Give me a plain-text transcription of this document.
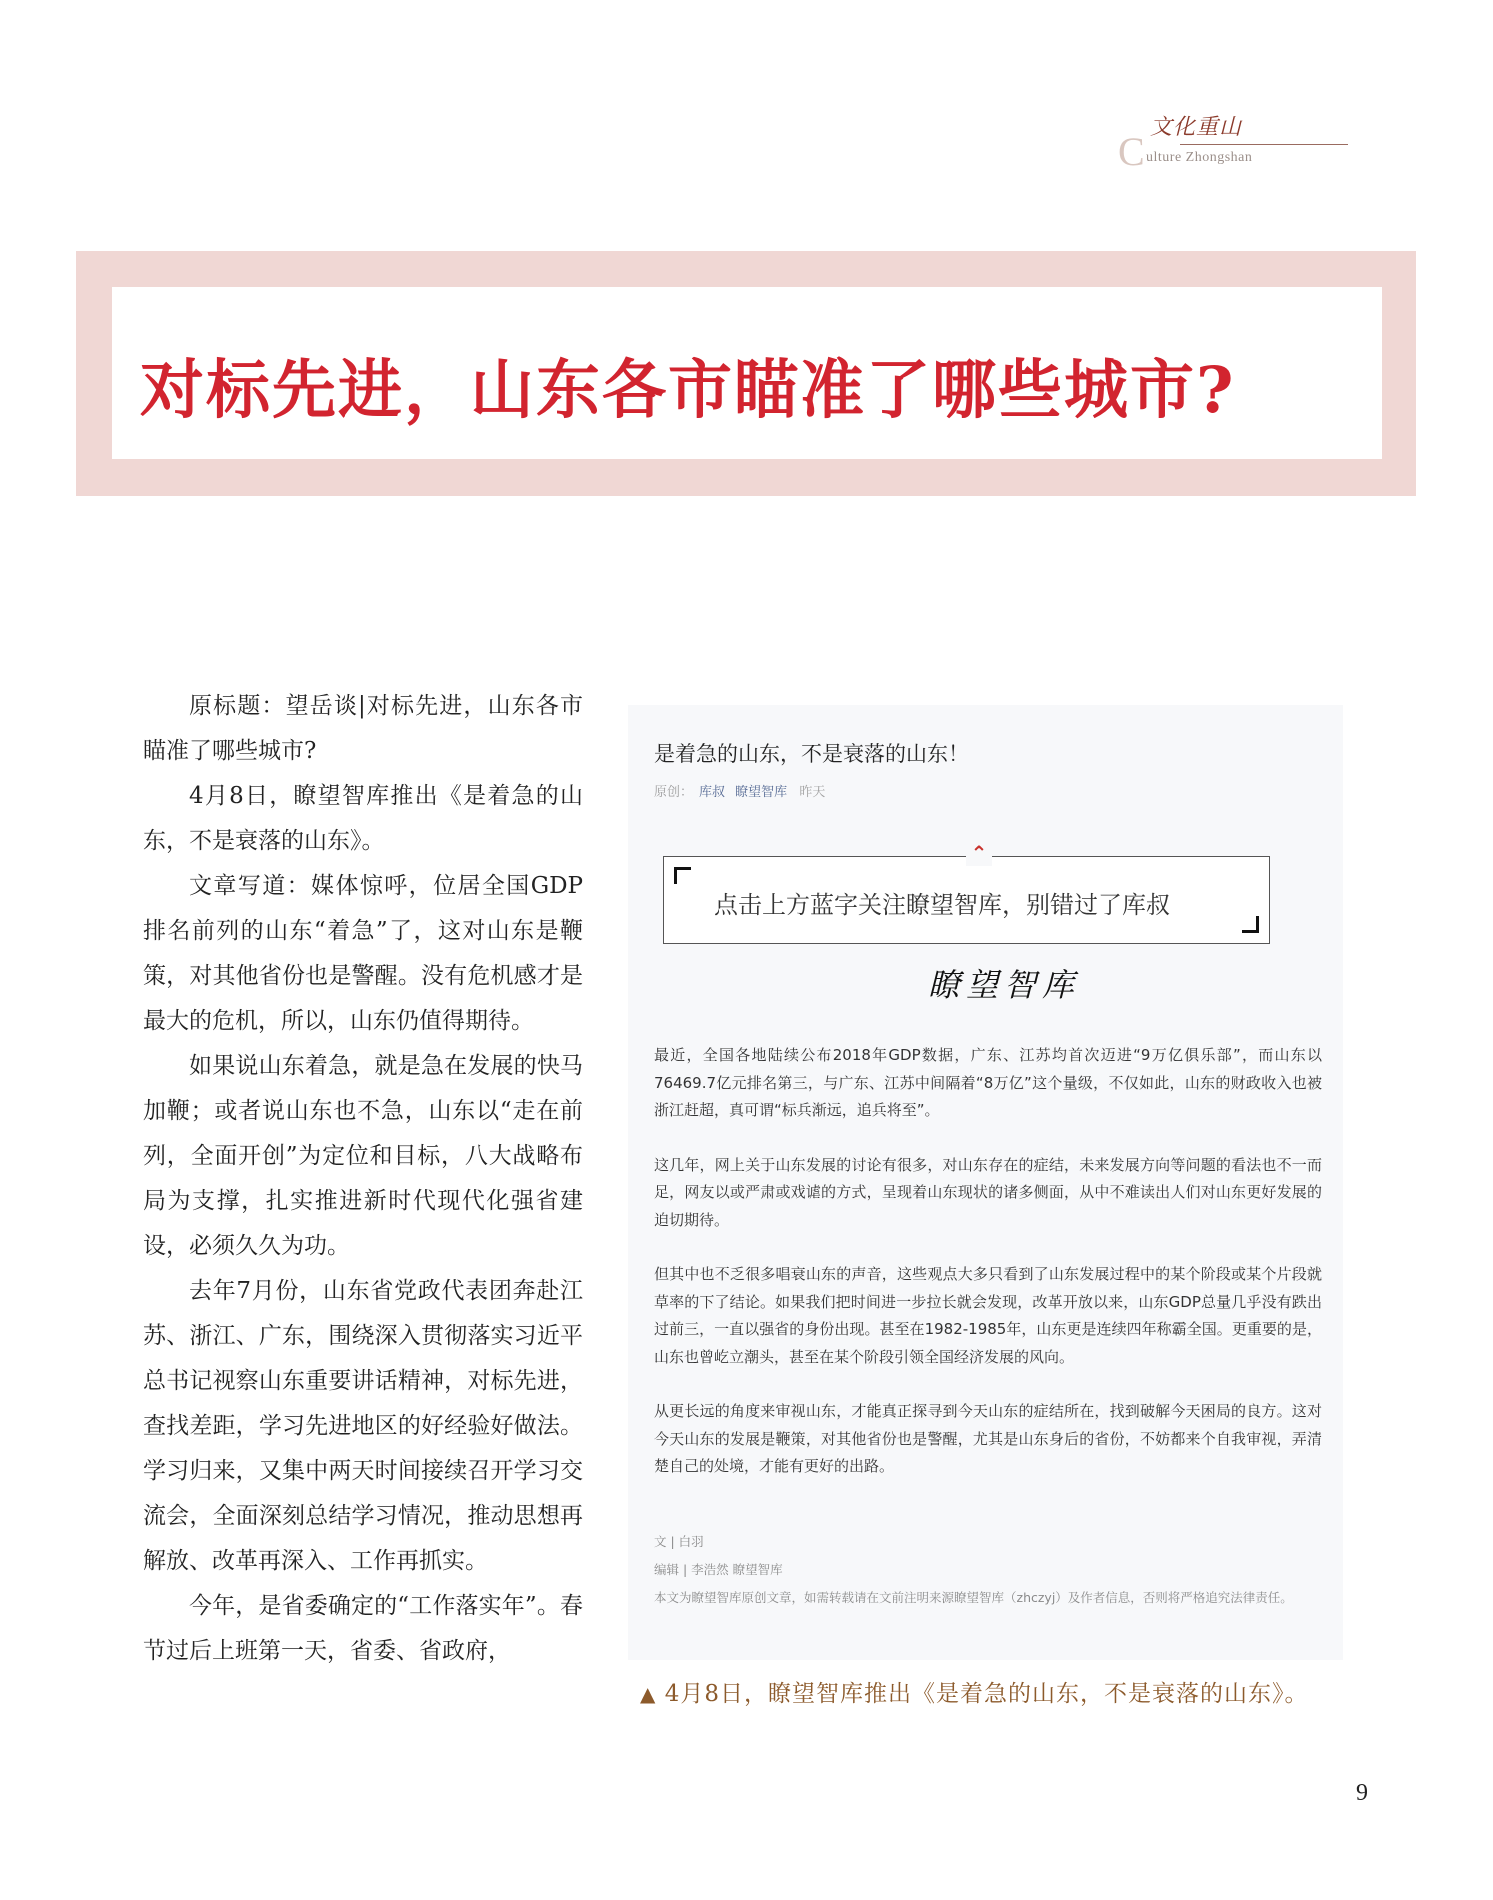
C
文化重山
ulture Zhongshan
对标先进，山东各市瞄准了哪些城市?

原标题：望岳谈|对标先进，山东各市瞄准了哪些城市?

4月8日，瞭望智库推出《是着急的山东，不是衰落的山东》。

文章写道：媒体惊呼，位居全国GDP排名前列的山东“着急”了，这对山东是鞭策，对其他省份也是警醒。没有危机感才是最大的危机，所以，山东仍值得期待。

如果说山东着急，就是急在发展的快马加鞭；或者说山东也不急，山东以“走在前列，全面开创”为定位和目标，八大战略布局为支撑，扎实推进新时代现代化强省建设，必须久久为功。

去年7月份，山东省党政代表团奔赴江苏、浙江、广东，围绕深入贯彻落实习近平总书记视察山东重要讲话精神，对标先进，查找差距，学习先进地区的好经验好做法。学习归来，又集中两天时间接续召开学习交流会，全面深刻总结学习情况，推动思想再解放、改革再深入、工作再抓实。

今年，是省委确定的“工作落实年”。春节过后上班第一天，省委、省政府，

是着急的山东，不是衰落的山东！
原创： 库叔 瞭望智库 昨天
点击上方蓝字关注瞭望智库，别错过了库叔
⌃
瞭望智库

最近，全国各地陆续公布2018年GDP数据，广东、江苏均首次迈进“9万亿俱乐部”，而山东以76469.7亿元排名第三，与广东、江苏中间隔着“8万亿”这个量级，不仅如此，山东的财政收入也被浙江赶超，真可谓“标兵渐远，追兵将至”。

这几年，网上关于山东发展的讨论有很多，对山东存在的症结，未来发展方向等问题的看法也不一而足，网友以或严肃或戏谑的方式，呈现着山东现状的诸多侧面，从中不难读出人们对山东更好发展的迫切期待。

但其中也不乏很多唱衰山东的声音，这些观点大多只看到了山东发展过程中的某个阶段或某个片段就草率的下了结论。如果我们把时间进一步拉长就会发现，改革开放以来，山东GDP总量几乎没有跌出过前三，一直以强省的身份出现。甚至在1982-1985年，山东更是连续四年称霸全国。更重要的是，山东也曾屹立潮头，甚至在某个阶段引领全国经济发展的风向。

从更长远的角度来审视山东，才能真正探寻到今天山东的症结所在，找到破解今天困局的良方。这对今天山东的发展是鞭策，对其他省份也是警醒，尤其是山东身后的省份，不妨都来个自我审视，弄清楚自己的处境，才能有更好的出路。

文 | 白羽
编辑 | 李浩然 瞭望智库
本文为瞭望智库原创文章，如需转载请在文前注明来源瞭望智库（zhczyj）及作者信息，否则将严格追究法律责任。
▲ 4月8日，瞭望智库推出《是着急的山东，不是衰落的山东》。
9
